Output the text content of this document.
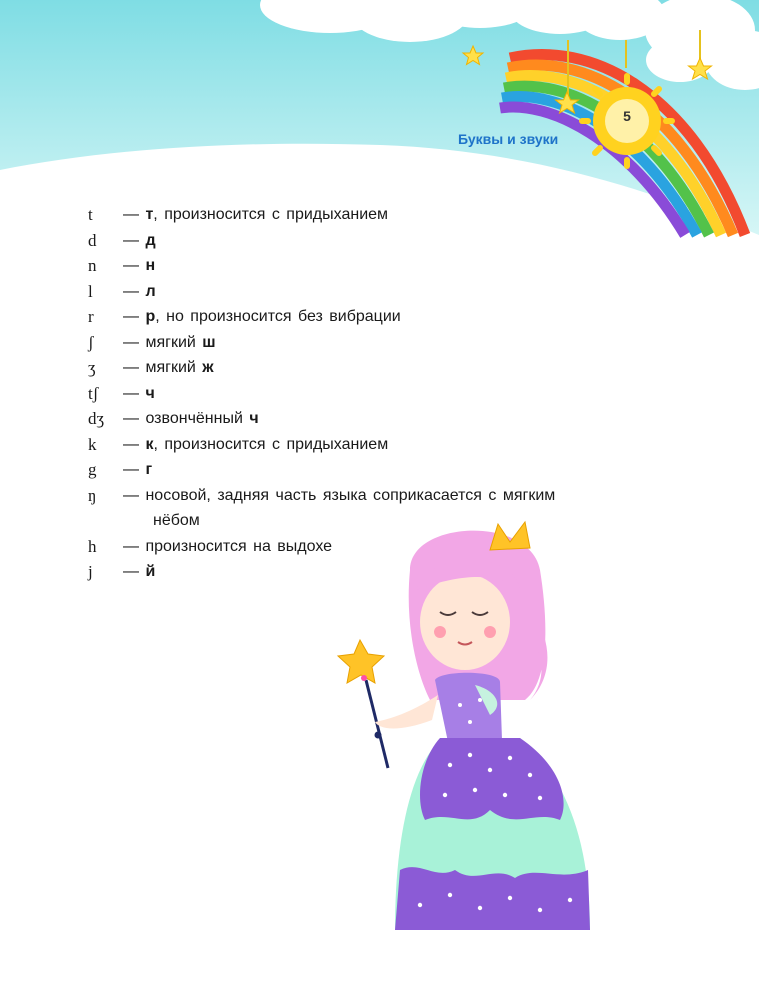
Буквы и звуки
5
t	— т, произносится с придыханием
d	— д
n	— н
l	— л
r	— р, но произносится без вибрации
ʃ	— мягкий ш
ʒ	— мягкий ж
tʃ	— ч
dʒ	— озвончённый ч
k	— к, произносится с придыханием
g	— г
ŋ	— носовой, задняя часть языка соприкасается с мягким
нёбом
h	— произносится на выдохе
j	— й
